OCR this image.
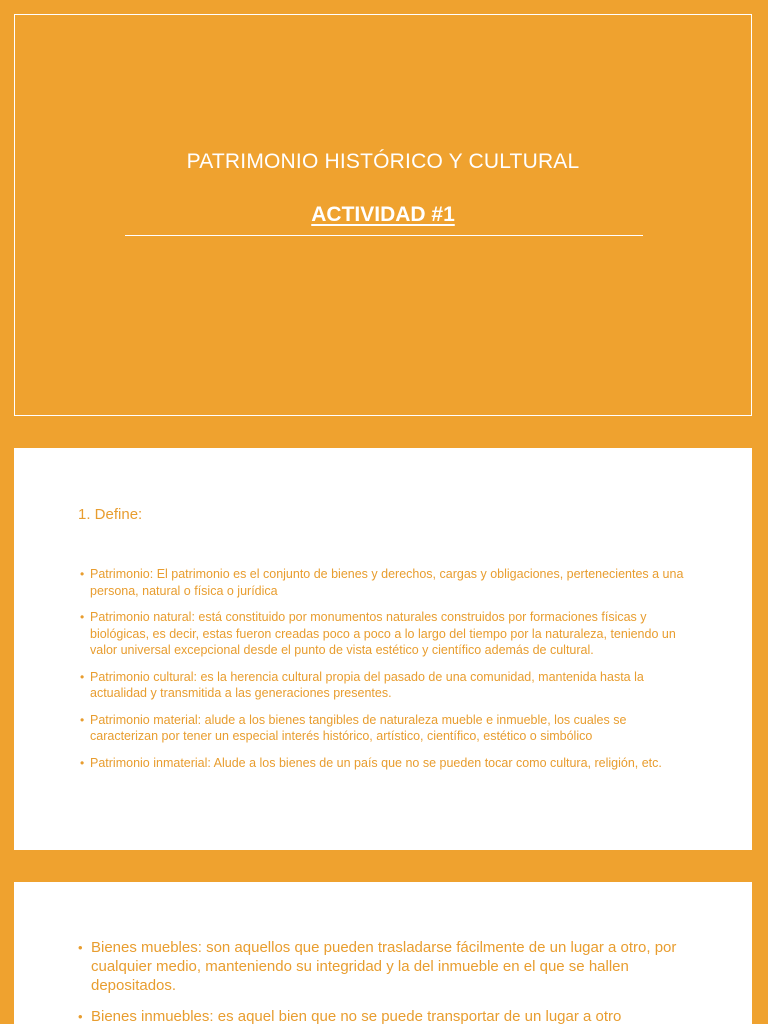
PATRIMONIO HISTÓRICO Y CULTURAL
ACTIVIDAD #1
1. Define:
• Patrimonio: El patrimonio es el conjunto de bienes y derechos, cargas y obligaciones, pertenecientes a una persona, natural o física o jurídica
• Patrimonio natural: está constituido por monumentos naturales construidos por formaciones físicas y biológicas, es decir, estas fueron creadas poco a poco a lo largo del tiempo por la naturaleza, teniendo un valor universal excepcional desde el punto de vista estético y científico además de cultural.
• Patrimonio cultural: es la herencia cultural propia del pasado de una comunidad, mantenida hasta la actualidad y transmitida a las generaciones presentes.
• Patrimonio material: alude a los bienes tangibles de naturaleza mueble e inmueble, los cuales se caracterizan por tener un especial interés histórico, artístico, científico, estético o simbólico
• Patrimonio inmaterial: Alude a los bienes de un país que no se pueden tocar como cultura, religión, etc.
• Bienes muebles: son aquellos que pueden trasladarse fácilmente de un lugar a otro, por cualquier medio, manteniendo su integridad y la del inmueble en el que se hallen depositados.
• Bienes inmuebles: es aquel bien que no se puede transportar de un lugar a otro
